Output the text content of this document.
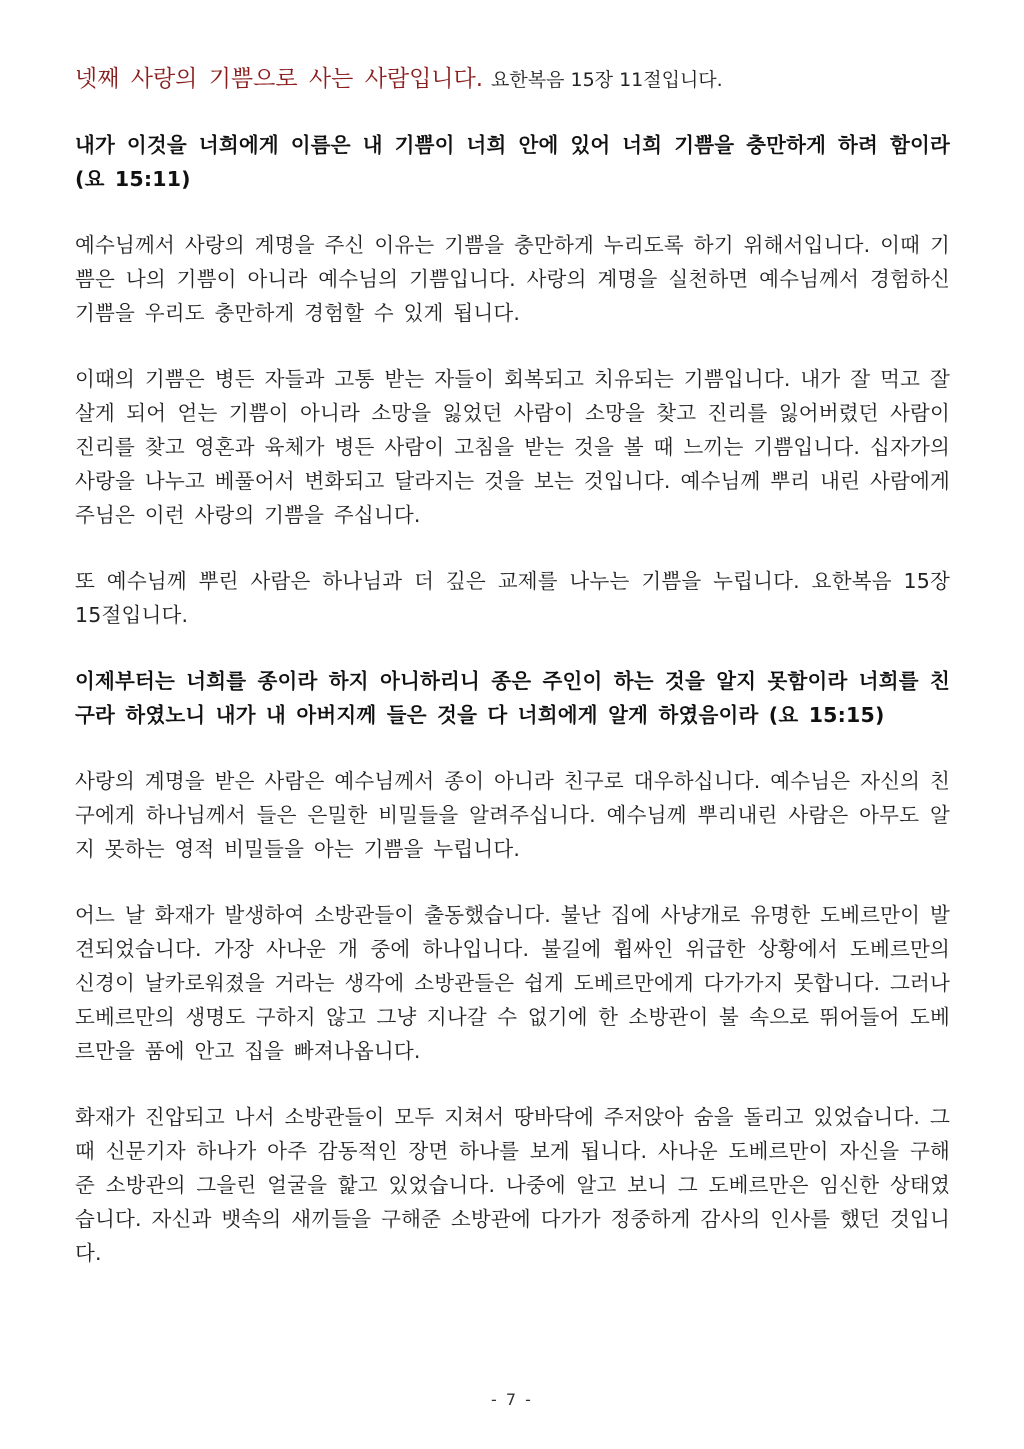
넷째 사랑의 기쁨으로 사는 사람입니다. 요한복음 15장 11절입니다.

내가 이것을 너희에게 이름은 내 기쁨이 너희 안에 있어 너희 기쁨을 충만하게 하려 함이라 (요 15:11)

예수님께서 사랑의 계명을 주신 이유는 기쁨을 충만하게 누리도록 하기 위해서입니다. 이때 기쁨은 나의 기쁨이 아니라 예수님의 기쁨입니다. 사랑의 계명을 실천하면 예수님께서 경험하신 기쁨을 우리도 충만하게 경험할 수 있게 됩니다.

이때의 기쁨은 병든 자들과 고통 받는 자들이 회복되고 치유되는 기쁨입니다. 내가 잘 먹고 잘 살게 되어 얻는 기쁨이 아니라 소망을 잃었던 사람이 소망을 찾고 진리를 잃어버렸던 사람이 진리를 찾고 영혼과 육체가 병든 사람이 고침을 받는 것을 볼 때 느끼는 기쁨입니다. 십자가의 사랑을 나누고 베풀어서 변화되고 달라지는 것을 보는 것입니다. 예수님께 뿌리 내린 사람에게 주님은 이런 사랑의 기쁨을 주십니다.

또 예수님께 뿌린 사람은 하나님과 더 깊은 교제를 나누는 기쁨을 누립니다. 요한복음 15장 15절입니다.

이제부터는 너희를 종이라 하지 아니하리니 종은 주인이 하는 것을 알지 못함이라 너희를 친구라 하였노니 내가 내 아버지께 들은 것을 다 너희에게 알게 하였음이라 (요 15:15)

사랑의 계명을 받은 사람은 예수님께서 종이 아니라 친구로 대우하십니다. 예수님은 자신의 친구에게 하나님께서 들은 은밀한 비밀들을 알려주십니다. 예수님께 뿌리내린 사람은 아무도 알지 못하는 영적 비밀들을 아는 기쁨을 누립니다.

어느 날 화재가 발생하여 소방관들이 출동했습니다. 불난 집에 사냥개로 유명한 도베르만이 발견되었습니다. 가장 사나운 개 중에 하나입니다. 불길에 휩싸인 위급한 상황에서 도베르만의 신경이 날카로워졌을 거라는 생각에 소방관들은 쉽게 도베르만에게 다가가지 못합니다. 그러나 도베르만의 생명도 구하지 않고 그냥 지나갈 수 없기에 한 소방관이 불 속으로 뛰어들어 도베르만을 품에 안고 집을 빠져나옵니다.

화재가 진압되고 나서 소방관들이 모두 지쳐서 땅바닥에 주저앉아 숨을 돌리고 있었습니다. 그때 신문기자 하나가 아주 감동적인 장면 하나를 보게 됩니다. 사나운 도베르만이 자신을 구해 준 소방관의 그을린 얼굴을 핥고 있었습니다. 나중에 알고 보니 그 도베르만은 임신한 상태였습니다. 자신과 뱃속의 새끼들을 구해준 소방관에 다가가 정중하게 감사의 인사를 했던 것입니다.

- 7 -
